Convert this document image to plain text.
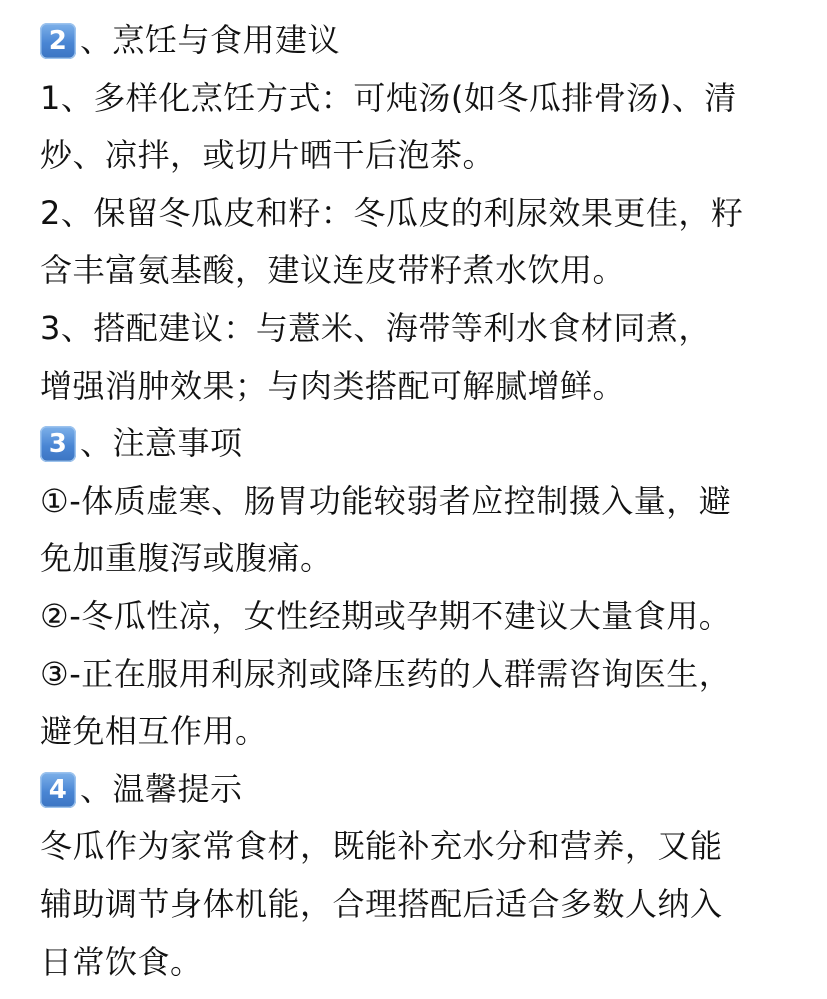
2 、烹饪与食用建议
1、多样化烹饪方式：可炖汤(如冬瓜排骨汤)、清
炒、凉拌，或切片晒干后泡茶。
2、保留冬瓜皮和籽：冬瓜皮的利尿效果更佳，籽
含丰富氨基酸，建议连皮带籽煮水饮用。
3、搭配建议：与薏米、海带等利水食材同煮，
增强消肿效果；与肉类搭配可解腻增鲜。
3 、注意事项
①-体质虚寒、肠胃功能较弱者应控制摄入量，避
免加重腹泻或腹痛。
②-冬瓜性凉，女性经期或孕期不建议大量食用。
③-正在服用利尿剂或降压药的人群需咨询医生，
避免相互作用。
4 、温馨提示
冬瓜作为家常食材，既能补充水分和营养，又能
辅助调节身体机能，合理搭配后适合多数人纳入
日常饮食。
